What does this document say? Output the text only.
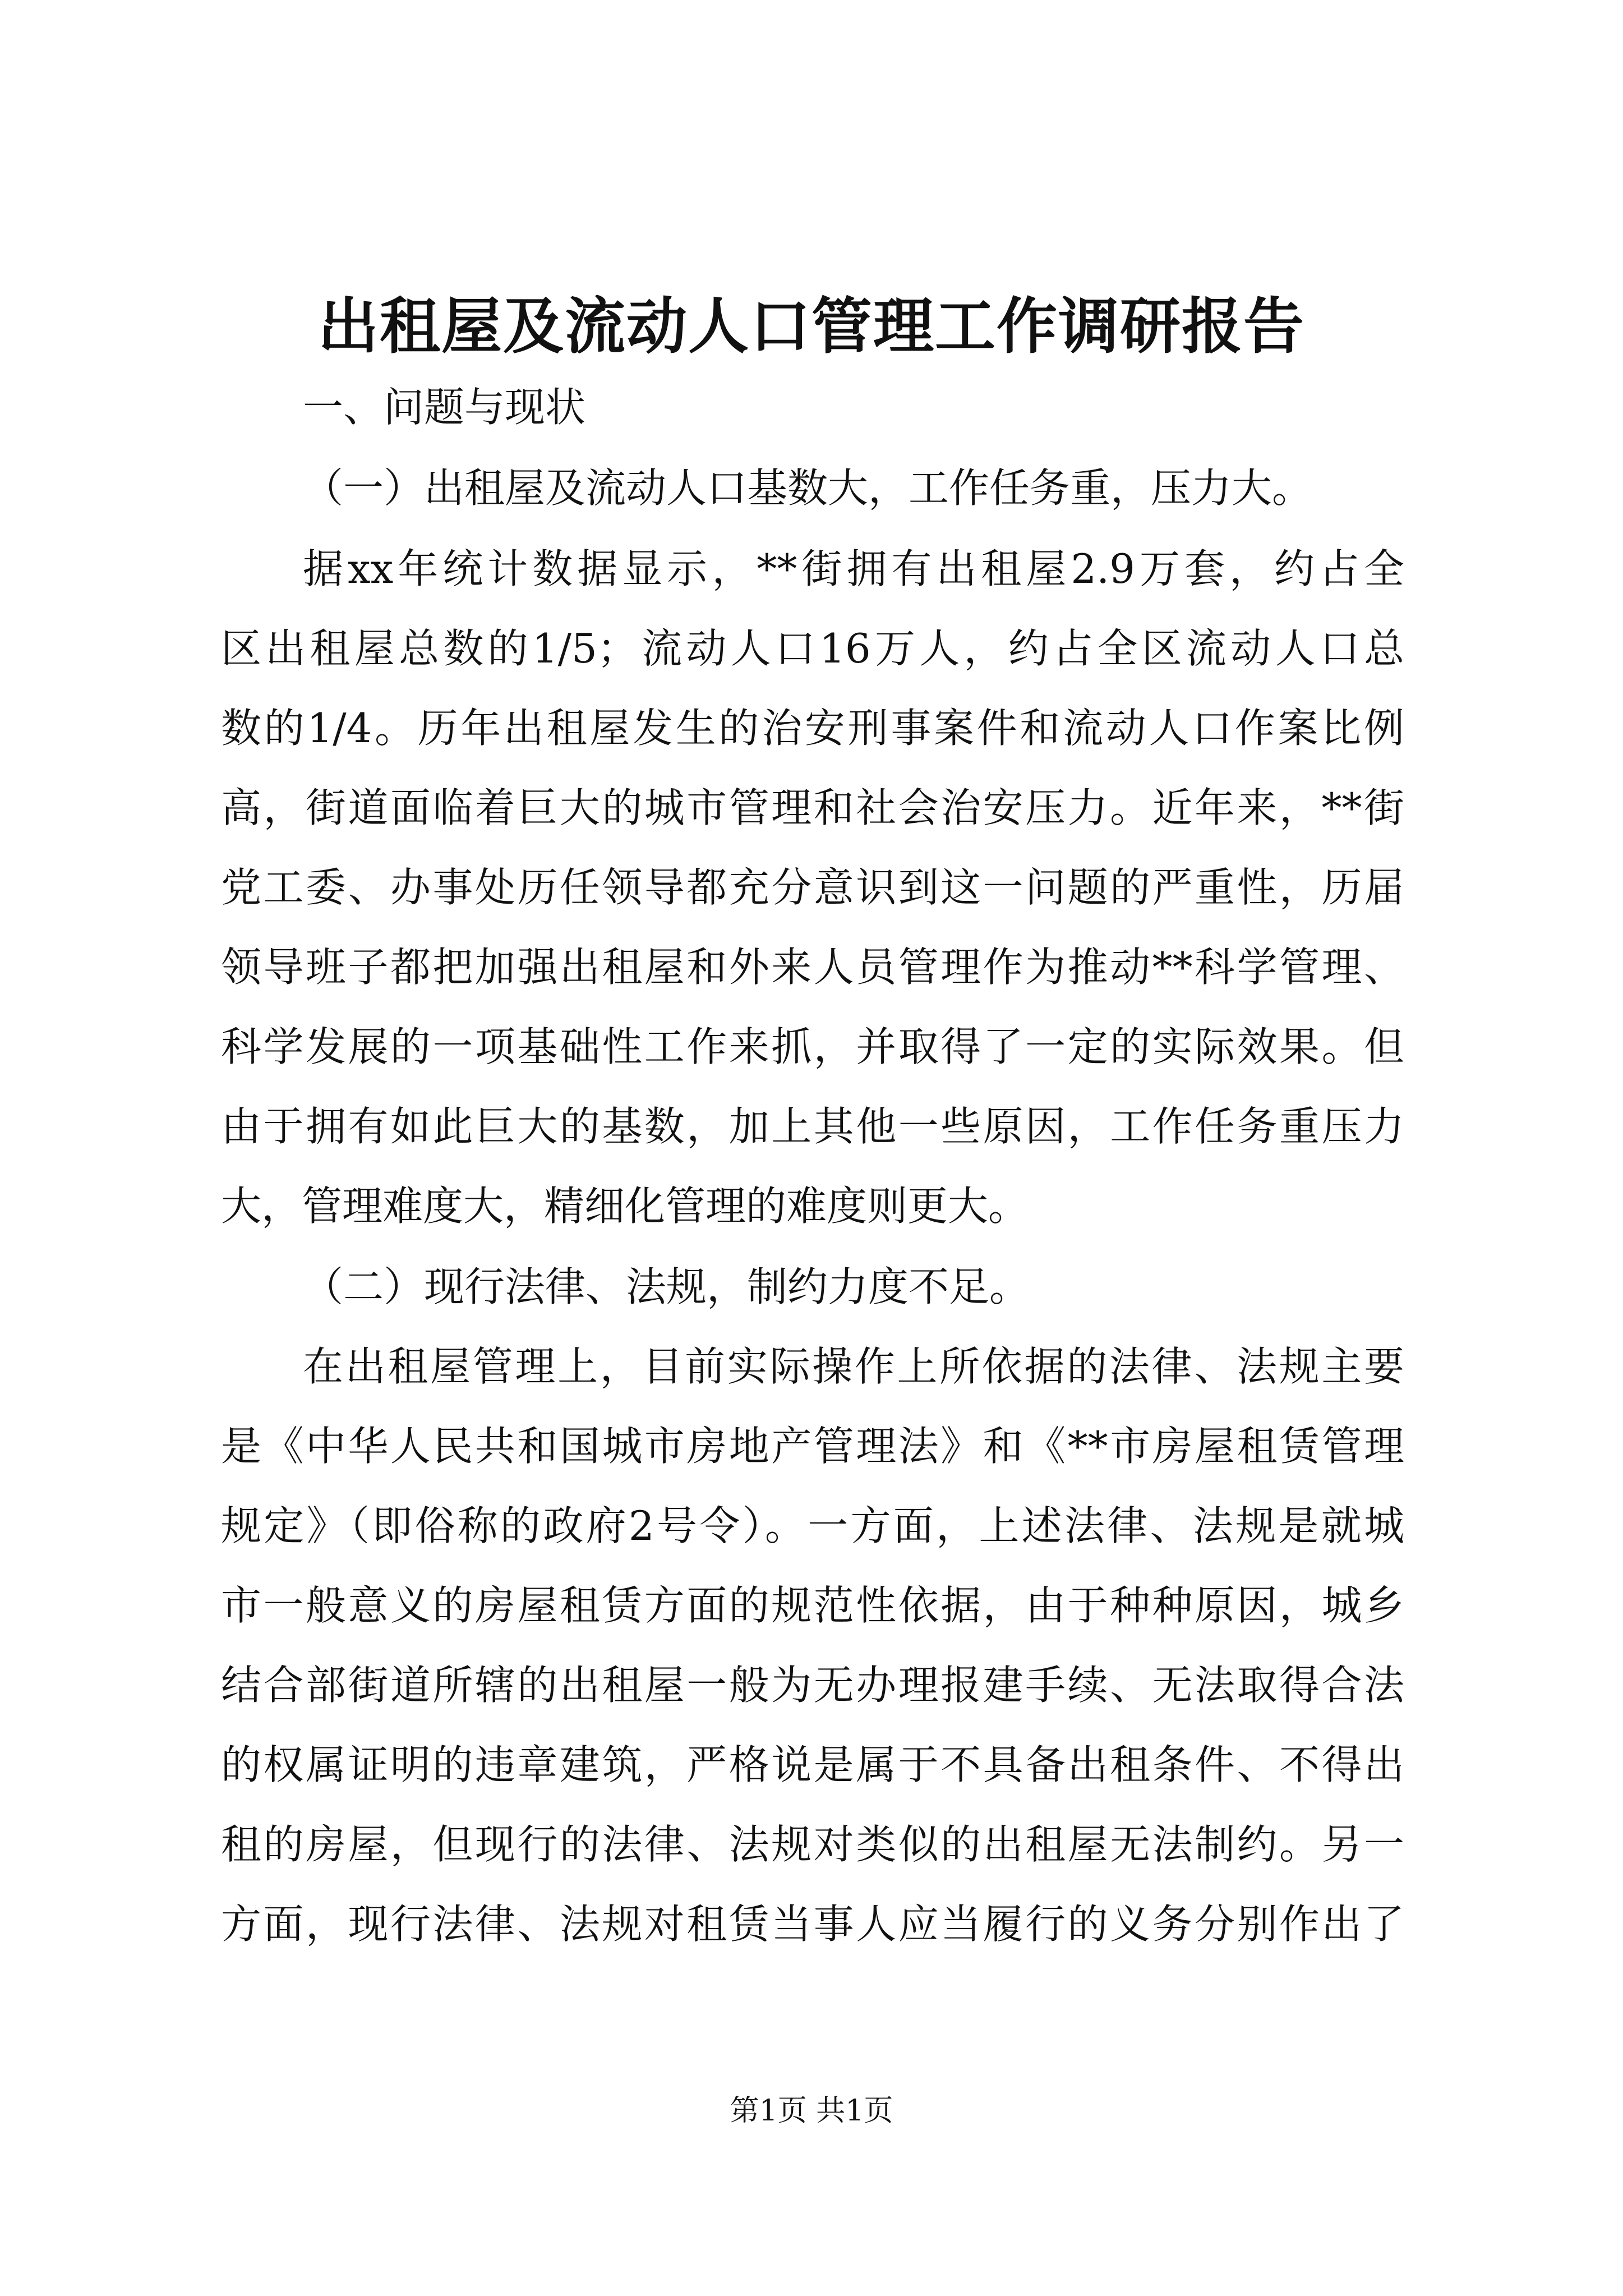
出租屋及流动人口管理工作调研报告
一、问题与现状
（一）出租屋及流动人口基数大，工作任务重，压力大。
据xx年统计数据显示，**街拥有出租屋2.9万套，约占全
区出租屋总数的1/5；流动人口16万人，约占全区流动人口总
数的1/4。历年出租屋发生的治安刑事案件和流动人口作案比例
高，街道面临着巨大的城市管理和社会治安压力。近年来，**街
党工委、办事处历任领导都充分意识到这一问题的严重性，历届
领导班子都把加强出租屋和外来人员管理作为推动**科学管理、
科学发展的一项基础性工作来抓，并取得了一定的实际效果。但
由于拥有如此巨大的基数，加上其他一些原因，工作任务重压力
大，管理难度大，精细化管理的难度则更大。
（二）现行法律、法规，制约力度不足。
在出租屋管理上，目前实际操作上所依据的法律、法规主要
是《中华人民共和国城市房地产管理法》和《**市房屋租赁管理
规定》（即俗称的政府2号令）。一方面，上述法律、法规是就城
市一般意义的房屋租赁方面的规范性依据，由于种种原因，城乡
结合部街道所辖的出租屋一般为无办理报建手续、无法取得合法
的权属证明的违章建筑，严格说是属于不具备出租条件、不得出
租的房屋，但现行的法律、法规对类似的出租屋无法制约。另一
方面，现行法律、法规对租赁当事人应当履行的义务分别作出了
第1页 共1页
